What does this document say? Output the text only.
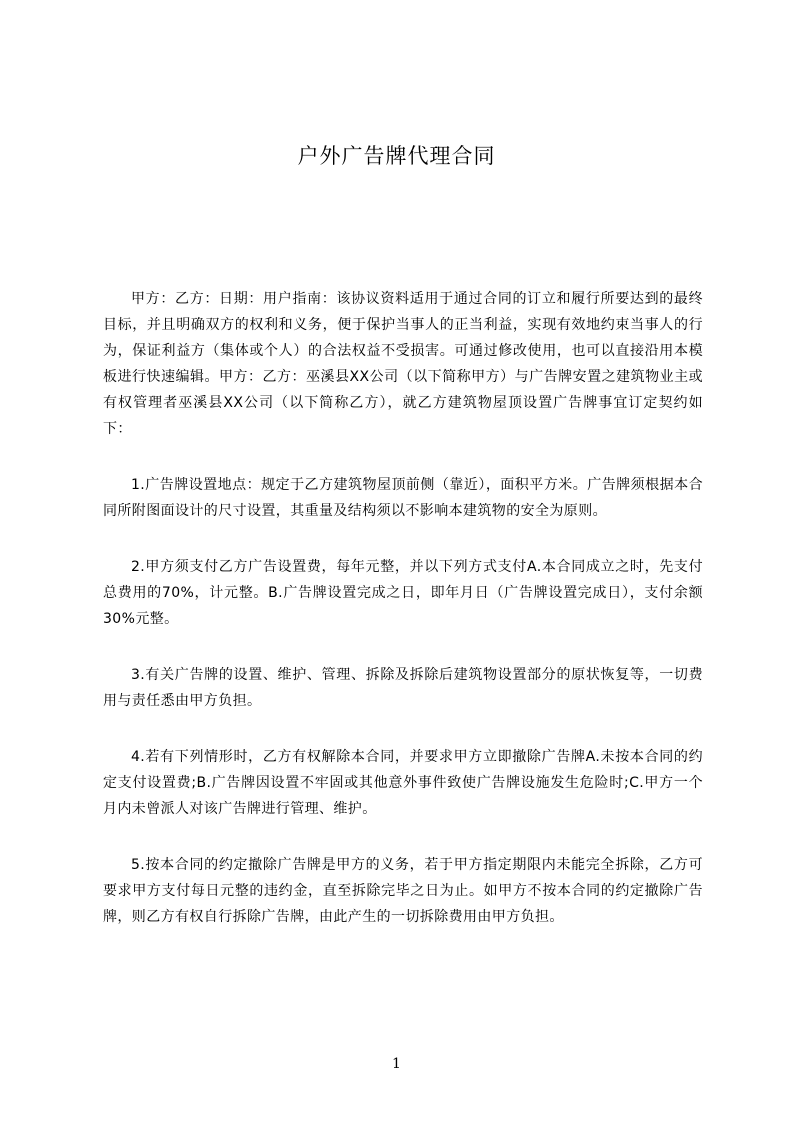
户外广告牌代理合同

甲方：乙方：日期：用户指南：该协议资料适用于通过合同的订立和履行所要达到的最终目标，并且明确双方的权利和义务，便于保护当事人的正当利益，实现有效地约束当事人的行为，保证利益方（集体或个人）的合法权益不受损害。可通过修改使用，也可以直接沿用本模板进行快速编辑。甲方：乙方：巫溪县XX公司（以下简称甲方）与广告牌安置之建筑物业主或有权管理者巫溪县XX公司（以下简称乙方），就乙方建筑物屋顶设置广告牌事宜订定契约如下：

1.广告牌设置地点：规定于乙方建筑物屋顶前侧（靠近），面积平方米。广告牌须根据本合同所附图面设计的尺寸设置，其重量及结构须以不影响本建筑物的安全为原则。

2.甲方须支付乙方广告设置费，每年元整，并以下列方式支付A.本合同成立之时，先支付总费用的70%，计元整。B.广告牌设置完成之日，即年月日（广告牌设置完成日），支付余额30%元整。

3.有关广告牌的设置、维护、管理、拆除及拆除后建筑物设置部分的原状恢复等，一切费用与责任悉由甲方负担。

4.若有下列情形时，乙方有权解除本合同，并要求甲方立即撤除广告牌A.未按本合同的约定支付设置费;B.广告牌因设置不牢固或其他意外事件致使广告牌设施发生危险时;C.甲方一个月内未曾派人对该广告牌进行管理、维护。

5.按本合同的约定撤除广告牌是甲方的义务，若于甲方指定期限内未能完全拆除，乙方可要求甲方支付每日元整的违约金，直至拆除完毕之日为止。如甲方不按本合同的约定撤除广告牌，则乙方有权自行拆除广告牌，由此产生的一切拆除费用由甲方负担。

1
